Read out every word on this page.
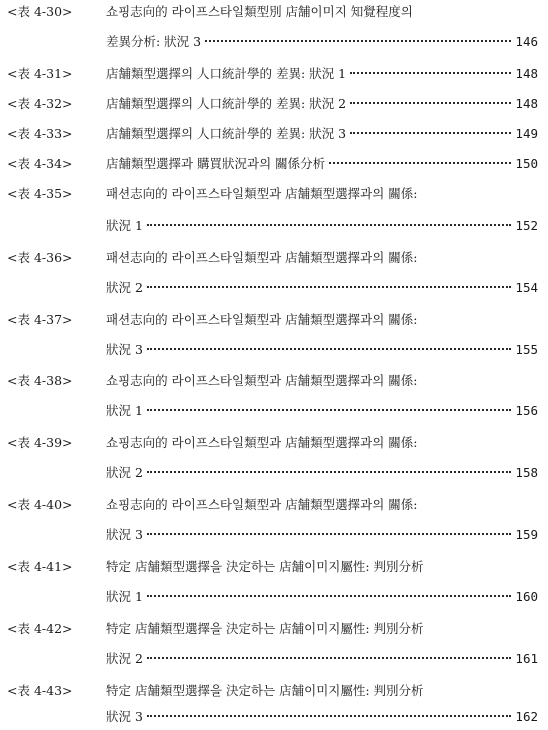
<表 4-30>	쇼핑志向的 라이프스타일類型別 店舗이미지 知覺程度의
差異分析: 狀況 3	146
<表 4-31>	店舗類型選擇의 人口統計學的 差異: 狀況 1	148
<表 4-32>	店舗類型選擇의 人口統計學的 差異: 狀況 2	148
<表 4-33>	店舗類型選擇의 人口統計學的 差異: 狀況 3	149
<表 4-34>	店舗類型選擇과 購買狀況과의 關係分析	150
<表 4-35>	패션志向的 라이프스타일類型과 店舗類型選擇과의 關係:
狀況 1	152
<表 4-36>	패션志向的 라이프스타일類型과 店舗類型選擇과의 關係:
狀況 2	154
<表 4-37>	패션志向的 라이프스타일類型과 店舗類型選擇과의 關係:
狀況 3	155
<表 4-38>	쇼핑志向的 라이프스타일類型과 店舗類型選擇과의 關係:
狀況 1	156
<表 4-39>	쇼핑志向的 라이프스타일類型과 店舗類型選擇과의 關係:
狀況 2	158
<表 4-40>	쇼핑志向的 라이프스타일類型과 店舗類型選擇과의 關係:
狀況 3	159
<表 4-41>	特定 店舗類型選擇을 決定하는 店舗이미지屬性: 判別分析
狀況 1	160
<表 4-42>	特定 店舗類型選擇을 決定하는 店舗이미지屬性: 判別分析
狀況 2	161
<表 4-43>	特定 店舗類型選擇을 決定하는 店舗이미지屬性: 判別分析
狀況 3	162
